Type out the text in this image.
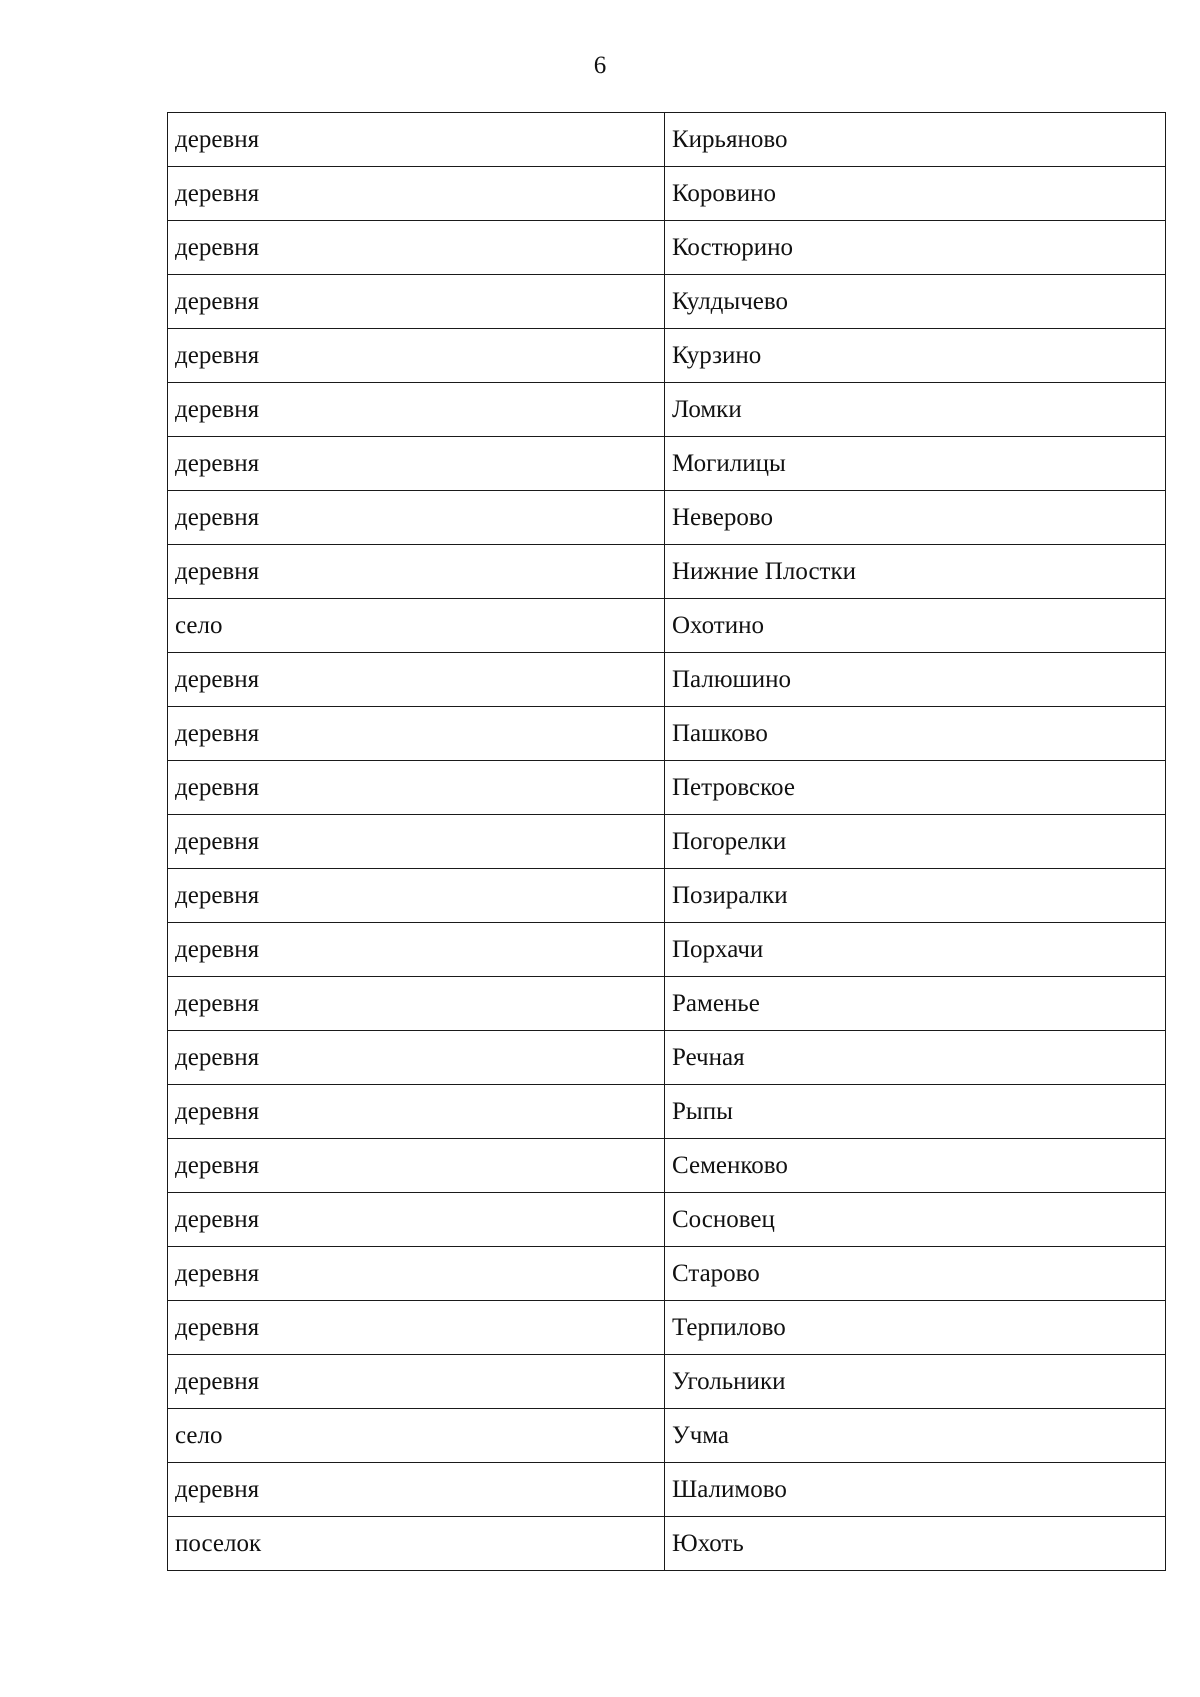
6
деревня	Кирьяново
деревня	Коровино
деревня	Костюрино
деревня	Кулдычево
деревня	Курзино
деревня	Ломки
деревня	Могилицы
деревня	Неверово
деревня	Нижние Плостки
село	Охотино
деревня	Палюшино
деревня	Пашково
деревня	Петровское
деревня	Погорелки
деревня	Позиралки
деревня	Порхачи
деревня	Раменье
деревня	Речная
деревня	Рыпы
деревня	Семенково
деревня	Сосновец
деревня	Старово
деревня	Терпилово
деревня	Угольники
село	Учма
деревня	Шалимово
поселок	Юхоть
